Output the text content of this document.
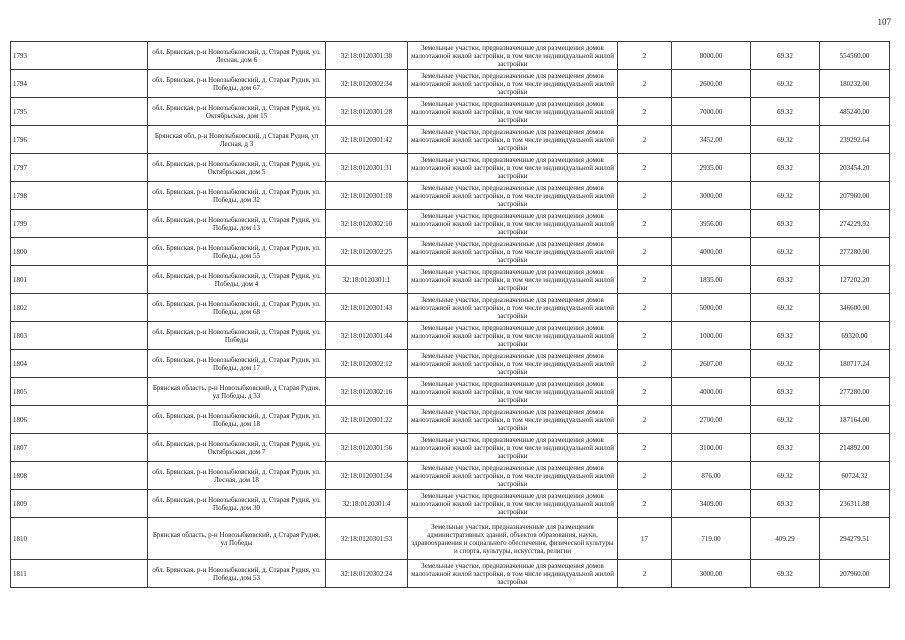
107
1793	обл. Брянская, р-н Новозыбковский, д. Старая Рудня, ул. Лесная, дом 6	32:18:0120301:38	Земельные участки, предназначенные для размещения домов малоэтажной жилой застройки, в том числе индивидуальной жилой застройки	2	8000.00	69.32	554560.00
1794	обл. Брянская, р-н Новозыбковский, д. Старая Рудня, ул. Победы, дом 67	32:18:0120302:34	Земельные участки, предназначенные для размещения домов малоэтажной жилой застройки, в том числе индивидуальной жилой застройки	2	2600.00	69.32	180232.00
1795	обл. Брянская, р-н Новозыбковский, д. Старая Рудня, ул. Октябрьская, дом 15	32:18:0120301:28	Земельные участки, предназначенные для размещения домов малоэтажной жилой застройки, в том числе индивидуальной жилой застройки	2	7000.00	69.32	485240.00
1796	Брянская обл, р-н Новозыбковский, д Старая Рудня, ул Лесная, д 3	32:18:0120301:42	Земельные участки, предназначенные для размещения домов малоэтажной жилой застройки, в том числе индивидуальной жилой застройки	2	3452.00	69.32	239292.64
1797	обл. Брянская, р-н Новозыбковский, д. Старая Рудня, ул. Октябрьская, дом 5	32:18:0120301:31	Земельные участки, предназначенные для размещения домов малоэтажной жилой застройки, в том числе индивидуальной жилой застройки	2	2935.00	69.32	203454.20
1798	обл. Брянская, р-н Новозыбковский, д. Старая Рудня, ул. Победы, дом 32	32:18:0120301:18	Земельные участки, предназначенные для размещения домов малоэтажной жилой застройки, в том числе индивидуальной жилой застройки	2	3000.00	69.32	207960.00
1799	обл. Брянская, р-н Новозыбковский, д. Старая Рудня, ул. Победы, дом 13	32:18:0120302:10	Земельные участки, предназначенные для размещения домов малоэтажной жилой застройки, в том числе индивидуальной жилой застройки	2	3956.00	69.32	274229.92
1800	обл. Брянская, р-н Новозыбковский, д. Старая Рудня, ул. Победы, дом 55	32:18:0120302:25	Земельные участки, предназначенные для размещения домов малоэтажной жилой застройки, в том числе индивидуальной жилой застройки	2	4000.00	69.32	277280.00
1801	обл. Брянская, р-н Новозыбковский, д. Старая Рудня, ул. Победы, дом 4	32:18:0120301:1	Земельные участки, предназначенные для размещения домов малоэтажной жилой застройки, в том числе индивидуальной жилой застройки	2	1835.00	69.32	127202.20
1802	обл. Брянская, р-н Новозыбковский, д. Старая Рудня, ул. Победы, дом 68	32:18:0120301:43	Земельные участки, предназначенные для размещения домов малоэтажной жилой застройки, в том числе индивидуальной жилой застройки	2	5000.00	69.32	346600.00
1803	обл. Брянская, р-н Новозыбковский, д. Старая Рудня, ул. Победы	32:18:0120301:44	Земельные участки, предназначенные для размещения домов малоэтажной жилой застройки, в том числе индивидуальной жилой застройки	2	1000.00	69.32	69320.00
1804	обл. Брянская, р-н Новозыбковский, д. Старая Рудня, ул. Победы, дом 17	32:18:0120302:12	Земельные участки, предназначенные для размещения домов малоэтажной жилой застройки, в том числе индивидуальной жилой застройки	2	2607.00	69.32	180717.24
1805	Брянская область, р-н Новозыбковский, д Старая Рудня, ул Победы, д 33	32:18:0120302:16	Земельные участки, предназначенные для размещения домов малоэтажной жилой застройки, в том числе индивидуальной жилой застройки	2	4000.00	69.32	277280.00
1806	обл. Брянская, р-н Новозыбковский, д. Старая Рудня, ул. Победы, дом 18	32:18:0120301:22	Земельные участки, предназначенные для размещения домов малоэтажной жилой застройки, в том числе индивидуальной жилой застройки	2	2700.00	69.32	187164.00
1807	обл. Брянская, р-н Новозыбковский, д. Старая Рудня, ул. Октябрьская, дом 7	32:18:0120301:56	Земельные участки, предназначенные для размещения домов малоэтажной жилой застройки, в том числе индивидуальной жилой застройки	2	3100.00	69.32	214892.00
1808	обл. Брянская, р-н Новозыбковский, д. Старая Рудня, ул. Лесная, дом 18	32:18:0120301:34	Земельные участки, предназначенные для размещения домов малоэтажной жилой застройки, в том числе индивидуальной жилой застройки	2	876.00	69.32	60724.32
1809	обл. Брянская, р-н Новозыбковский, д. Старая Рудня, ул. Победы, дом 30	32:18:0120301:4	Земельные участки, предназначенные для размещения домов малоэтажной жилой застройки, в том числе индивидуальной жилой застройки	2	3409.00	69.32	236311.88
1810	Брянская область, р-н Новозыбковский, д Старая Рудня, ул Победы	32:18:0120301:53	Земельные участки, предназначенные для размещения административных зданий, объектов образования, науки, здравоохранения и социального обеспечения, физической культуры и спорта, культуры, искусства, религии	17	719.00	409.29	294279.51
1811	обл. Брянская, р-н Новозыбковский, д. Старая Рудня, ул. Победы, дом 53	32:18:0120302:24	Земельные участки, предназначенные для размещения домов малоэтажной жилой застройки, в том числе индивидуальной жилой застройки	2	3000.00	69.32	207960.00
